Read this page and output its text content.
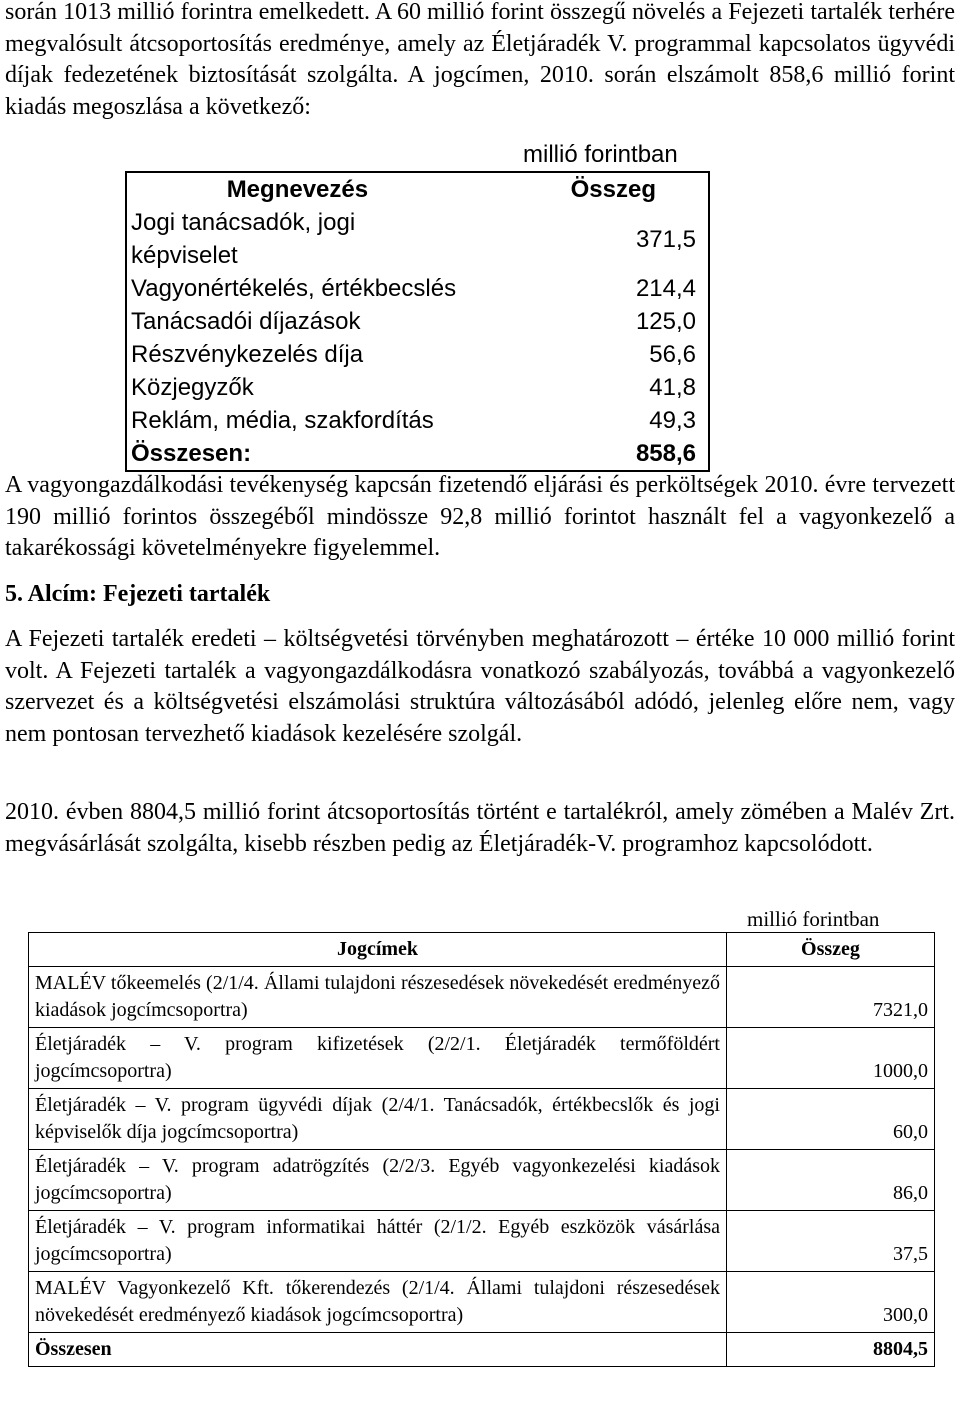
során 1013 millió forintra emelkedett. A 60 millió forint összegű növelés a Fejezeti tartalék terhére megvalósult átcsoportosítás eredménye, amely az Életjáradék V. programmal kapcsolatos ügyvédi díjak fedezetének biztosítását szolgálta. A jogcímen, 2010. során elszámolt 858,6 millió forint kiadás megoszlása a következő:

millió forintban
Megnevezés	Összeg
Jogi tanácsadók, jogi képviselet	371,5
Vagyonértékelés, értékbecslés	214,4
Tanácsadói díjazások	125,0
Részvénykezelés díja	56,6
Közjegyzők	41,8
Reklám, média, szakfordítás	49,3
Összesen:	858,6

A vagyongazdálkodási tevékenység kapcsán fizetendő eljárási és perköltségek 2010. évre tervezett 190 millió forintos összegéből mindössze 92,8 millió forintot használt fel a vagyonkezelő a takarékossági követelményekre figyelemmel.

5. Alcím: Fejezeti tartalék

A Fejezeti tartalék eredeti – költségvetési törvényben meghatározott – értéke 10 000 millió forint volt. A Fejezeti tartalék a vagyongazdálkodásra vonatkozó szabályozás, továbbá a vagyonkezelő szervezet és a költségvetési elszámolási struktúra változásából adódó, jelenleg előre nem, vagy nem pontosan tervezhető kiadások kezelésére szolgál.

2010. évben 8804,5 millió forint átcsoportosítás történt e tartalékról, amely zömében a Malév Zrt. megvásárlását szolgálta, kisebb részben pedig az Életjáradék-V. programhoz kapcsolódott.

millió forintban
Jogcímek	Összeg
MALÉV tőkeemelés (2/1/4. Állami tulajdoni részesedések növekedését eredményező kiadások jogcímcsoportra)	7321,0
Életjáradék – V. program kifizetések (2/2/1. Életjáradék termőföldért jogcímcsoportra)	1000,0
Életjáradék – V. program ügyvédi díjak (2/4/1. Tanácsadók, értékbecslők és jogi képviselők díja jogcímcsoportra)	60,0
Életjáradék – V. program adatrögzítés (2/2/3. Egyéb vagyonkezelési kiadások jogcímcsoportra)	86,0
Életjáradék – V. program informatikai háttér (2/1/2. Egyéb eszközök vásárlása jogcímcsoportra)	37,5
MALÉV Vagyonkezelő Kft. tőkerendezés (2/1/4. Állami tulajdoni részesedések növekedését eredményező kiadások jogcímcsoportra)	300,0
Összesen	8804,5
